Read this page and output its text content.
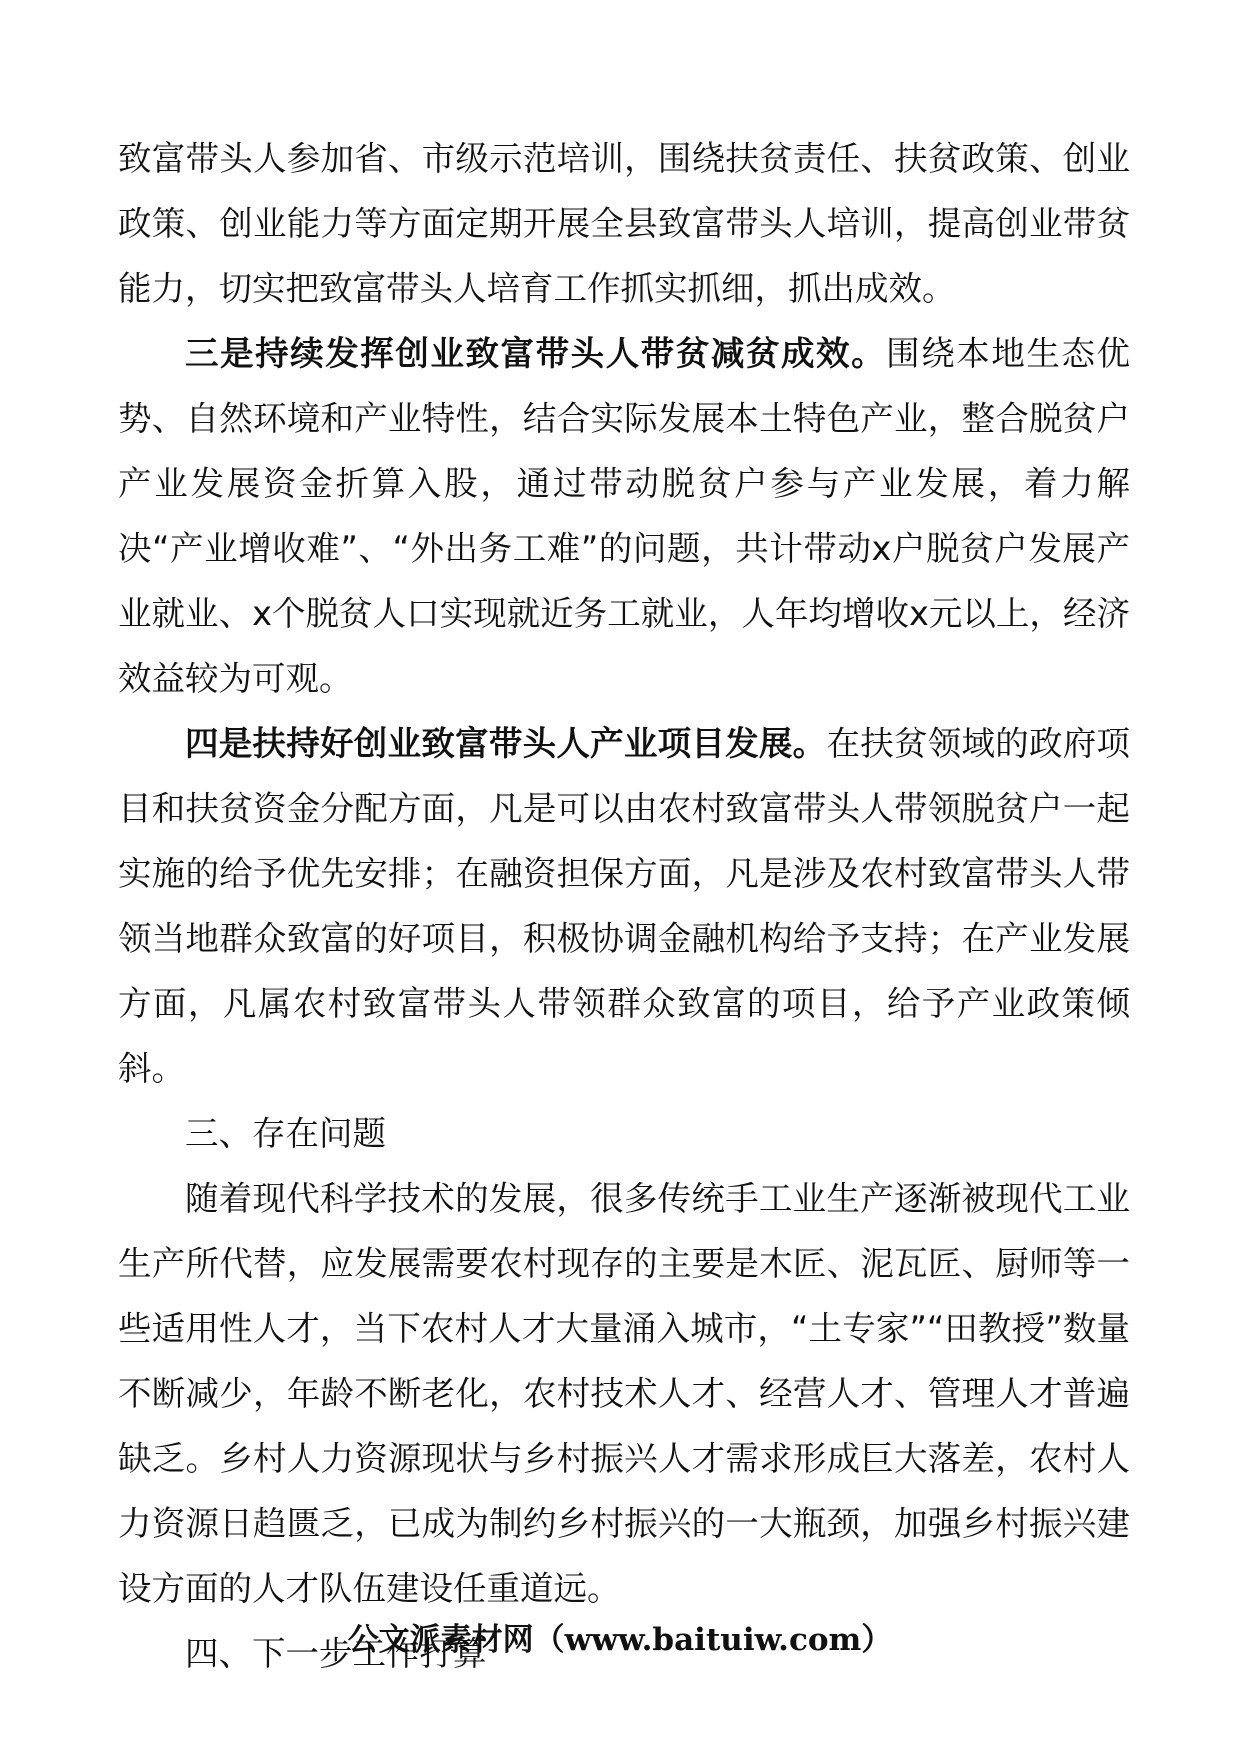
致富带头人参加省、市级示范培训，围绕扶贫责任、扶贫政策、创业政策、创业能力等方面定期开展全县致富带头人培训，提高创业带贫能力，切实把致富带头人培育工作抓实抓细，抓出成效。

三是持续发挥创业致富带头人带贫减贫成效。围绕本地生态优势、自然环境和产业特性，结合实际发展本土特色产业，整合脱贫户产业发展资金折算入股，通过带动脱贫户参与产业发展，着力解决“产业增收难”、“外出务工难”的问题，共计带动x户脱贫户发展产业就业、x个脱贫人口实现就近务工就业，人年均增收x元以上，经济效益较为可观。

四是扶持好创业致富带头人产业项目发展。在扶贫领域的政府项目和扶贫资金分配方面，凡是可以由农村致富带头人带领脱贫户一起实施的给予优先安排；在融资担保方面，凡是涉及农村致富带头人带领当地群众致富的好项目，积极协调金融机构给予支持；在产业发展方面，凡属农村致富带头人带领群众致富的项目，给予产业政策倾斜。

三、存在问题

随着现代科学技术的发展，很多传统手工业生产逐渐被现代工业生产所代替，应发展需要农村现存的主要是木匠、泥瓦匠、厨师等一些适用性人才，当下农村人才大量涌入城市，“土专家”“田教授”数量不断减少，年龄不断老化，农村技术人才、经营人才、管理人才普遍缺乏。乡村人力资源现状与乡村振兴人才需求形成巨大落差，农村人力资源日趋匮乏，已成为制约乡村振兴的一大瓶颈，加强乡村振兴建设方面的人才队伍建设任重道远。

四、下一步工作打算

公文派素材网（www.baituiw.com）
